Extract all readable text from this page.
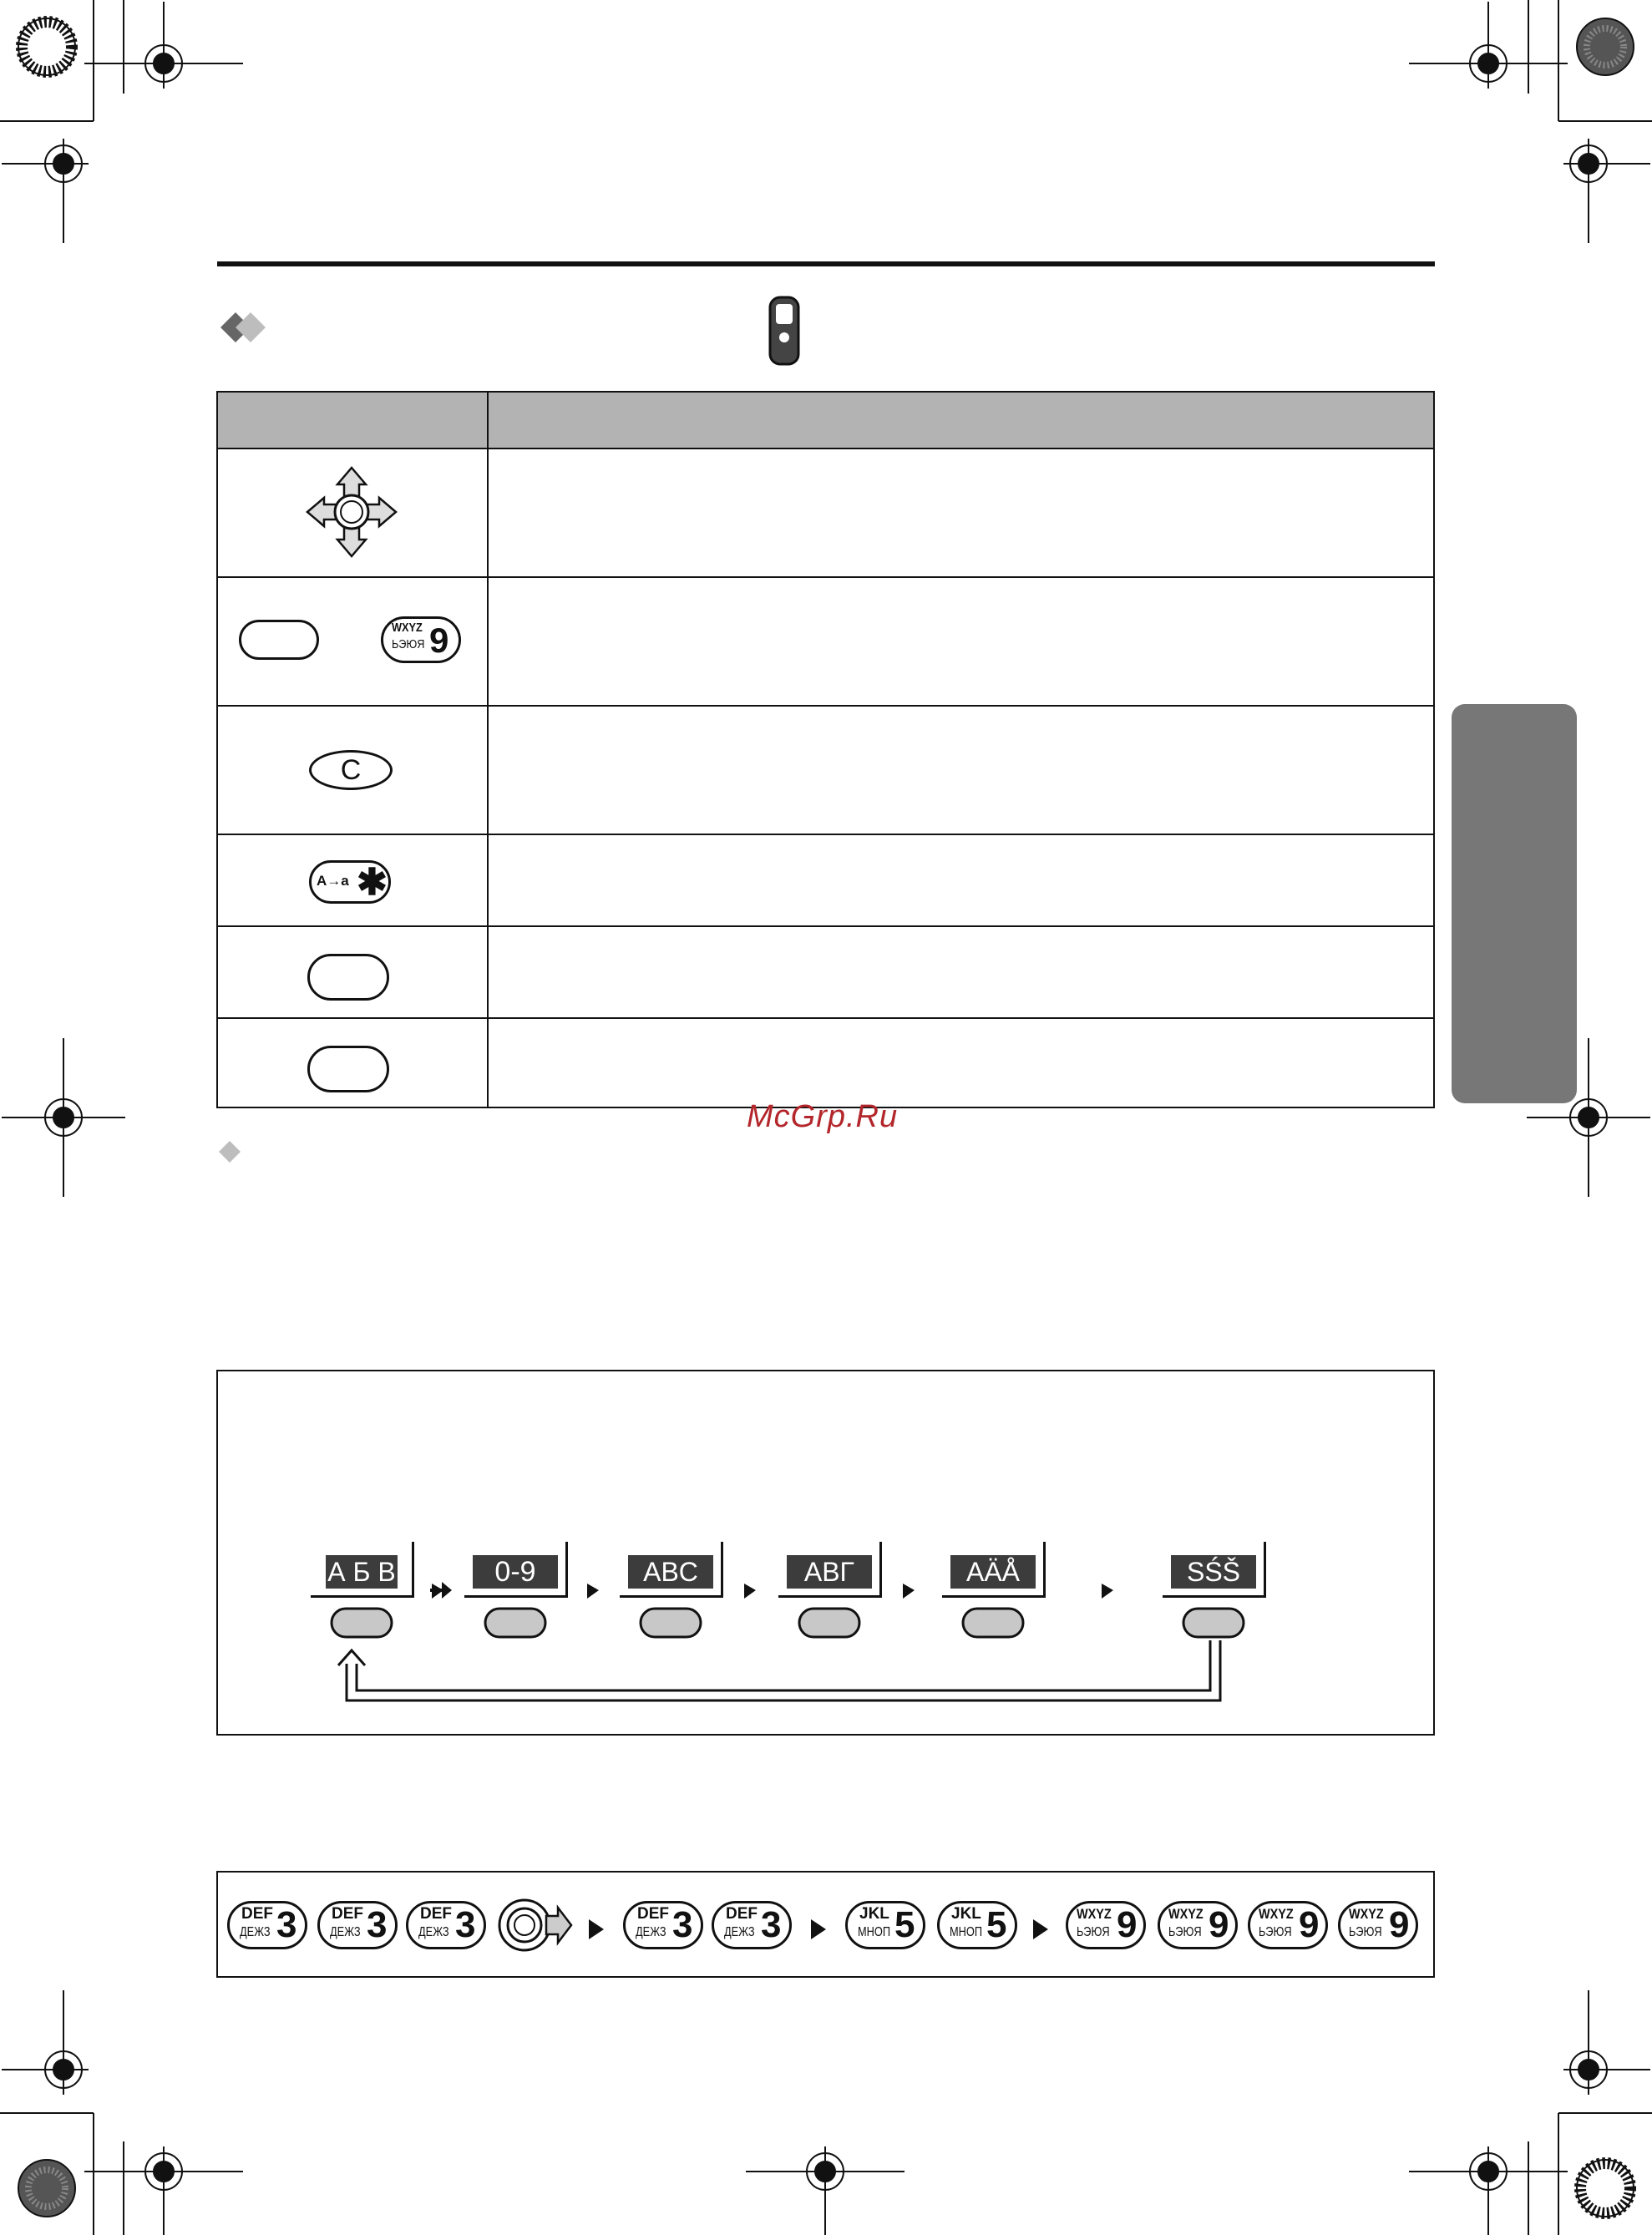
WXYZ
ЬЭЮЯ 9
C
A→a ✱
McGrp.Ru
А Б В	0-9	ABC	ΑΒΓ	AÄÅ	SŚŠ
DEF
ДЕЖЗ 3 DEF
ДЕЖЗ 3 DEF
ДЕЖЗ 3	DEF
ДЕЖЗ 3 DEF
ДЕЖЗ 3	JKL
МНОП 5 JKL
МНОП 5	WXYZ
ЬЭЮЯ 9 WXYZ
ЬЭЮЯ 9 WXYZ
ЬЭЮЯ 9 WXYZ
ЬЭЮЯ 9
